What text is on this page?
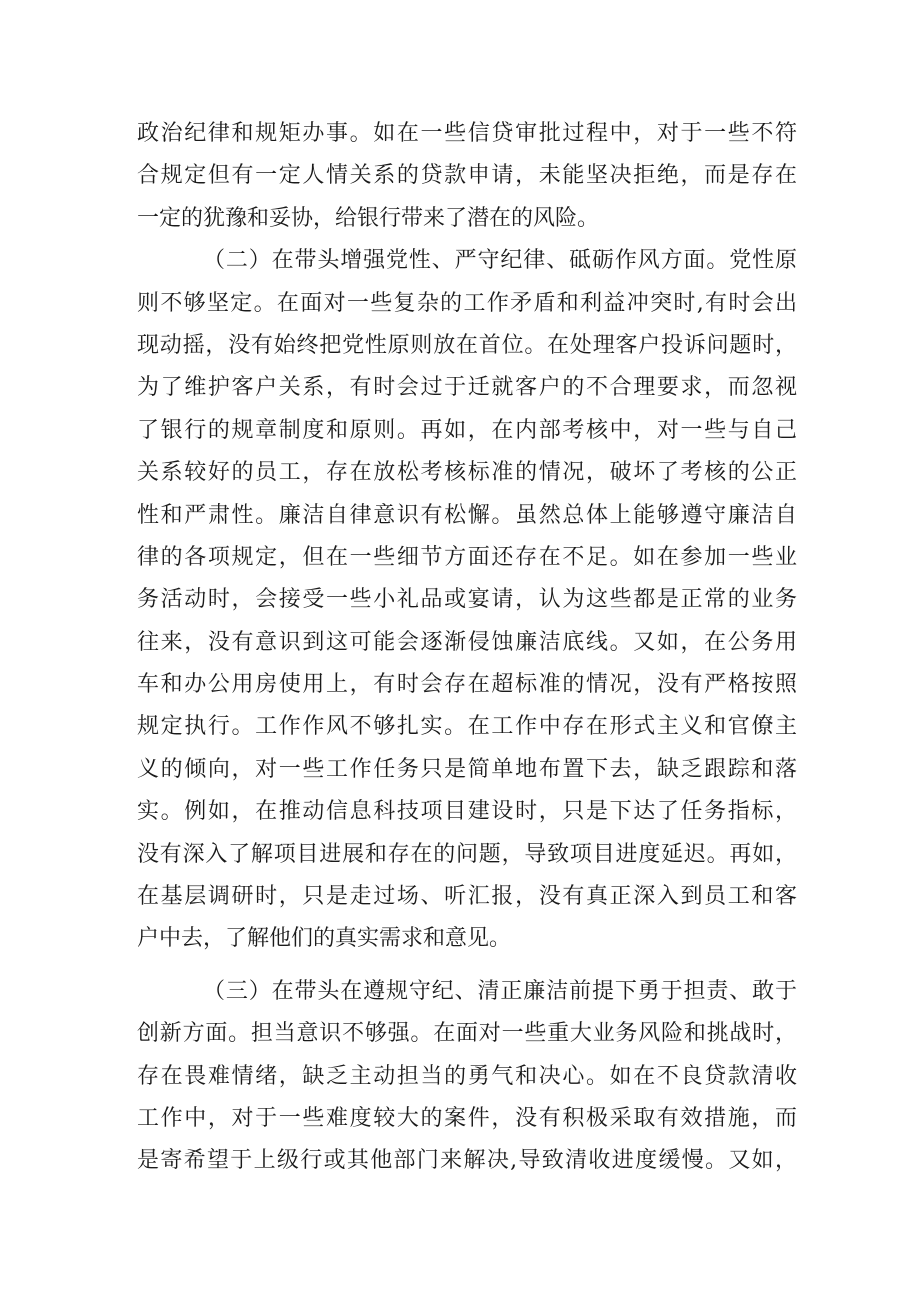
政治纪律和规矩办事。如在一些信贷审批过程中，对于一些不符
合规定但有一定人情关系的贷款申请，未能坚决拒绝，而是存在
一定的犹豫和妥协，给银行带来了潜在的风险。
（二）在带头增强党性、严守纪律、砥砺作风方面。党性原
则不够坚定。在面对一些复杂的工作矛盾和利益冲突时,有时会出
现动摇，没有始终把党性原则放在首位。在处理客户投诉问题时，
为了维护客户关系，有时会过于迁就客户的不合理要求，而忽视
了银行的规章制度和原则。再如，在内部考核中，对一些与自己
关系较好的员工，存在放松考核标准的情况，破坏了考核的公正
性和严肃性。廉洁自律意识有松懈。虽然总体上能够遵守廉洁自
律的各项规定，但在一些细节方面还存在不足。如在参加一些业
务活动时，会接受一些小礼品或宴请，认为这些都是正常的业务
往来，没有意识到这可能会逐渐侵蚀廉洁底线。又如，在公务用
车和办公用房使用上，有时会存在超标准的情况，没有严格按照
规定执行。工作作风不够扎实。在工作中存在形式主义和官僚主
义的倾向，对一些工作任务只是简单地布置下去，缺乏跟踪和落
实。例如，在推动信息科技项目建设时，只是下达了任务指标，
没有深入了解项目进展和存在的问题，导致项目进度延迟。再如，
在基层调研时，只是走过场、听汇报，没有真正深入到员工和客
户中去，了解他们的真实需求和意见。
（三）在带头在遵规守纪、清正廉洁前提下勇于担责、敢于
创新方面。担当意识不够强。在面对一些重大业务风险和挑战时，
存在畏难情绪，缺乏主动担当的勇气和决心。如在不良贷款清收
工作中，对于一些难度较大的案件，没有积极采取有效措施，而
是寄希望于上级行或其他部门来解决,导致清收进度缓慢。又如，
